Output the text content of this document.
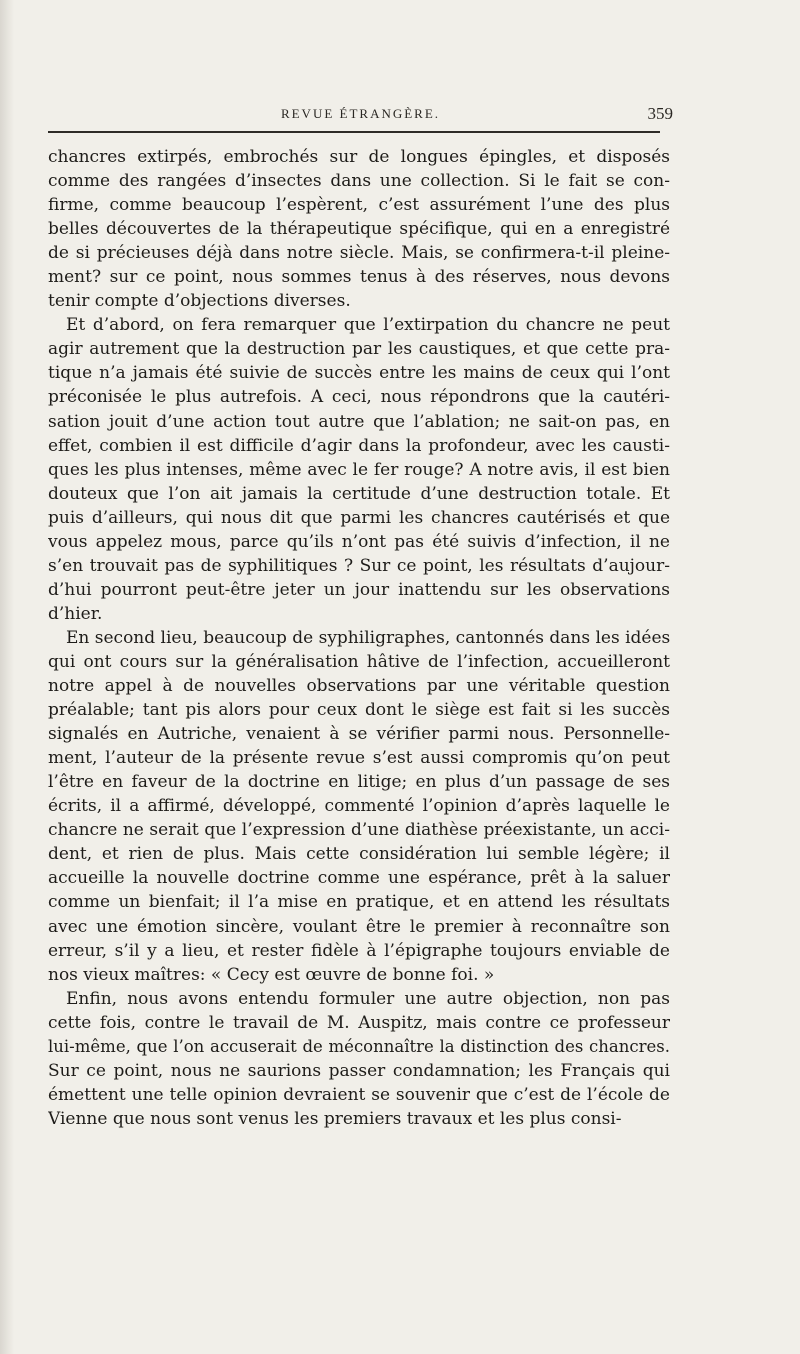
REVUE ÉTRANGÈRE.	359
chancres extirpés, embrochés sur de longues épingles, et disposés
comme des rangées d’insectes dans une collection. Si le fait se con-
firme, comme beaucoup l’espèrent, c’est assurément l’une des plus
belles découvertes de la thérapeutique spécifique, qui en a enregistré
de si précieuses déjà dans notre siècle. Mais, se confirmera-t-il pleine-
ment? sur ce point, nous sommes tenus à des réserves, nous devons
tenir compte d’objections diverses.
Et d’abord, on fera remarquer que l’extirpation du chancre ne peut
agir autrement que la destruction par les caustiques, et que cette pra-
tique n’a jamais été suivie de succès entre les mains de ceux qui l’ont
préconisée le plus autrefois. A ceci, nous répondrons que la cautéri-
sation jouit d’une action tout autre que l’ablation; ne sait-on pas, en
effet, combien il est difficile d’agir dans la profondeur, avec les causti-
ques les plus intenses, même avec le fer rouge? A notre avis, il est bien
douteux que l’on ait jamais la certitude d’une destruction totale. Et
puis d’ailleurs, qui nous dit que parmi les chancres cautérisés et que
vous appelez mous, parce qu’ils n’ont pas été suivis d’infection, il ne
s’en trouvait pas de syphilitiques ? Sur ce point, les résultats d’aujour-
d’hui pourront peut-être jeter un jour inattendu sur les observations
d’hier.
En second lieu, beaucoup de syphiligraphes, cantonnés dans les idées
qui ont cours sur la généralisation hâtive de l’infection, accueilleront
notre appel à de nouvelles observations par une véritable question
préalable; tant pis alors pour ceux dont le siège est fait si les succès
signalés en Autriche, venaient à se vérifier parmi nous. Personnelle-
ment, l’auteur de la présente revue s’est aussi compromis qu’on peut
l’être en faveur de la doctrine en litige; en plus d’un passage de ses
écrits, il a affirmé, développé, commenté l’opinion d’après laquelle le
chancre ne serait que l’expression d’une diathèse préexistante, un acci-
dent, et rien de plus. Mais cette considération lui semble légère; il
accueille la nouvelle doctrine comme une espérance, prêt à la saluer
comme un bienfait; il l’a mise en pratique, et en attend les résultats
avec une émotion sincère, voulant être le premier à reconnaître son
erreur, s’il y a lieu, et rester fidèle à l’épigraphe toujours enviable de
nos vieux maîtres: « Cecy est œuvre de bonne foi. »
Enfin, nous avons entendu formuler une autre objection, non pas
cette fois, contre le travail de M. Auspitz, mais contre ce professeur
lui-même, que l’on accuserait de méconnaître la distinction des chancres.
Sur ce point, nous ne saurions passer condamnation; les Français qui
émettent une telle opinion devraient se souvenir que c’est de l’école de
Vienne que nous sont venus les premiers travaux et les plus consi-
